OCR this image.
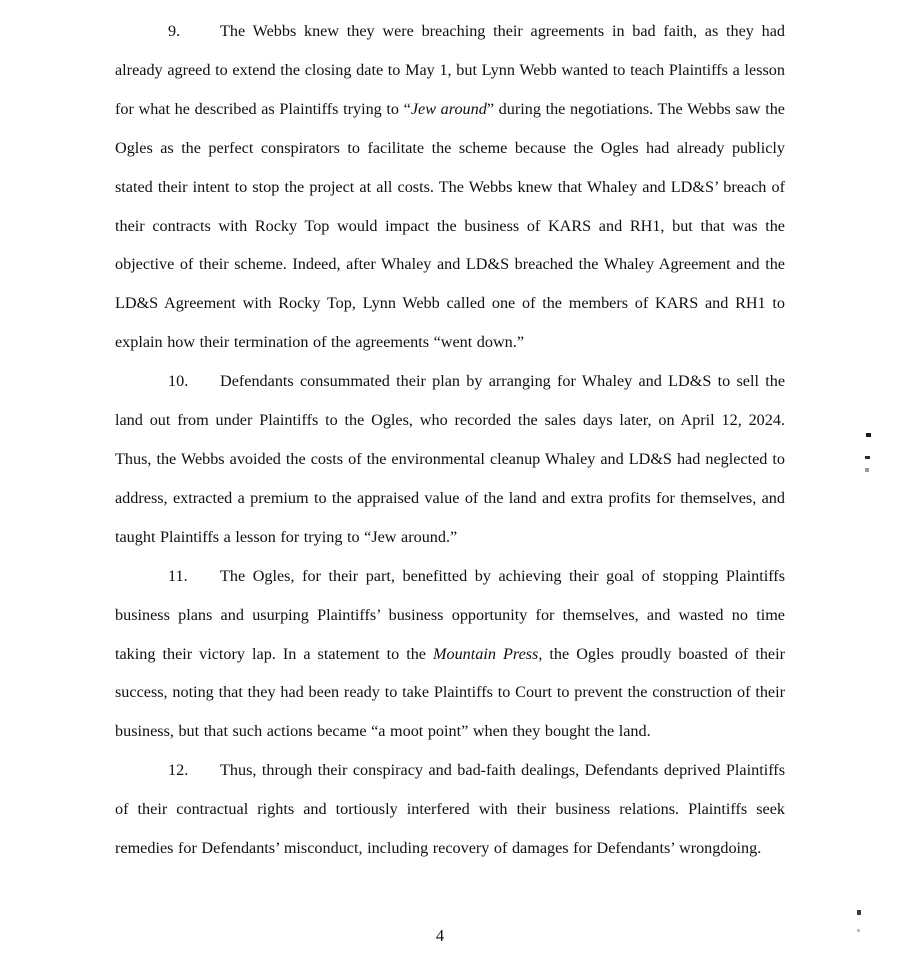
9. The Webbs knew they were breaching their agreements in bad faith, as they had already agreed to extend the closing date to May 1, but Lynn Webb wanted to teach Plaintiffs a lesson for what he described as Plaintiffs trying to “Jew around” during the negotiations. The Webbs saw the Ogles as the perfect conspirators to facilitate the scheme because the Ogles had already publicly stated their intent to stop the project at all costs. The Webbs knew that Whaley and LD&S’ breach of their contracts with Rocky Top would impact the business of KARS and RH1, but that was the objective of their scheme. Indeed, after Whaley and LD&S breached the Whaley Agreement and the LD&S Agreement with Rocky Top, Lynn Webb called one of the members of KARS and RH1 to explain how their termination of the agreements “went down.”

10. Defendants consummated their plan by arranging for Whaley and LD&S to sell the land out from under Plaintiffs to the Ogles, who recorded the sales days later, on April 12, 2024. Thus, the Webbs avoided the costs of the environmental cleanup Whaley and LD&S had neglected to address, extracted a premium to the appraised value of the land and extra profits for themselves, and taught Plaintiffs a lesson for trying to “Jew around.”

11. The Ogles, for their part, benefitted by achieving their goal of stopping Plaintiffs business plans and usurping Plaintiffs’ business opportunity for themselves, and wasted no time taking their victory lap. In a statement to the Mountain Press, the Ogles proudly boasted of their success, noting that they had been ready to take Plaintiffs to Court to prevent the construction of their business, but that such actions became “a moot point” when they bought the land.

12. Thus, through their conspiracy and bad-faith dealings, Defendants deprived Plaintiffs of their contractual rights and tortiously interfered with their business relations. Plaintiffs seek remedies for Defendants’ misconduct, including recovery of damages for Defendants’ wrongdoing.

4
